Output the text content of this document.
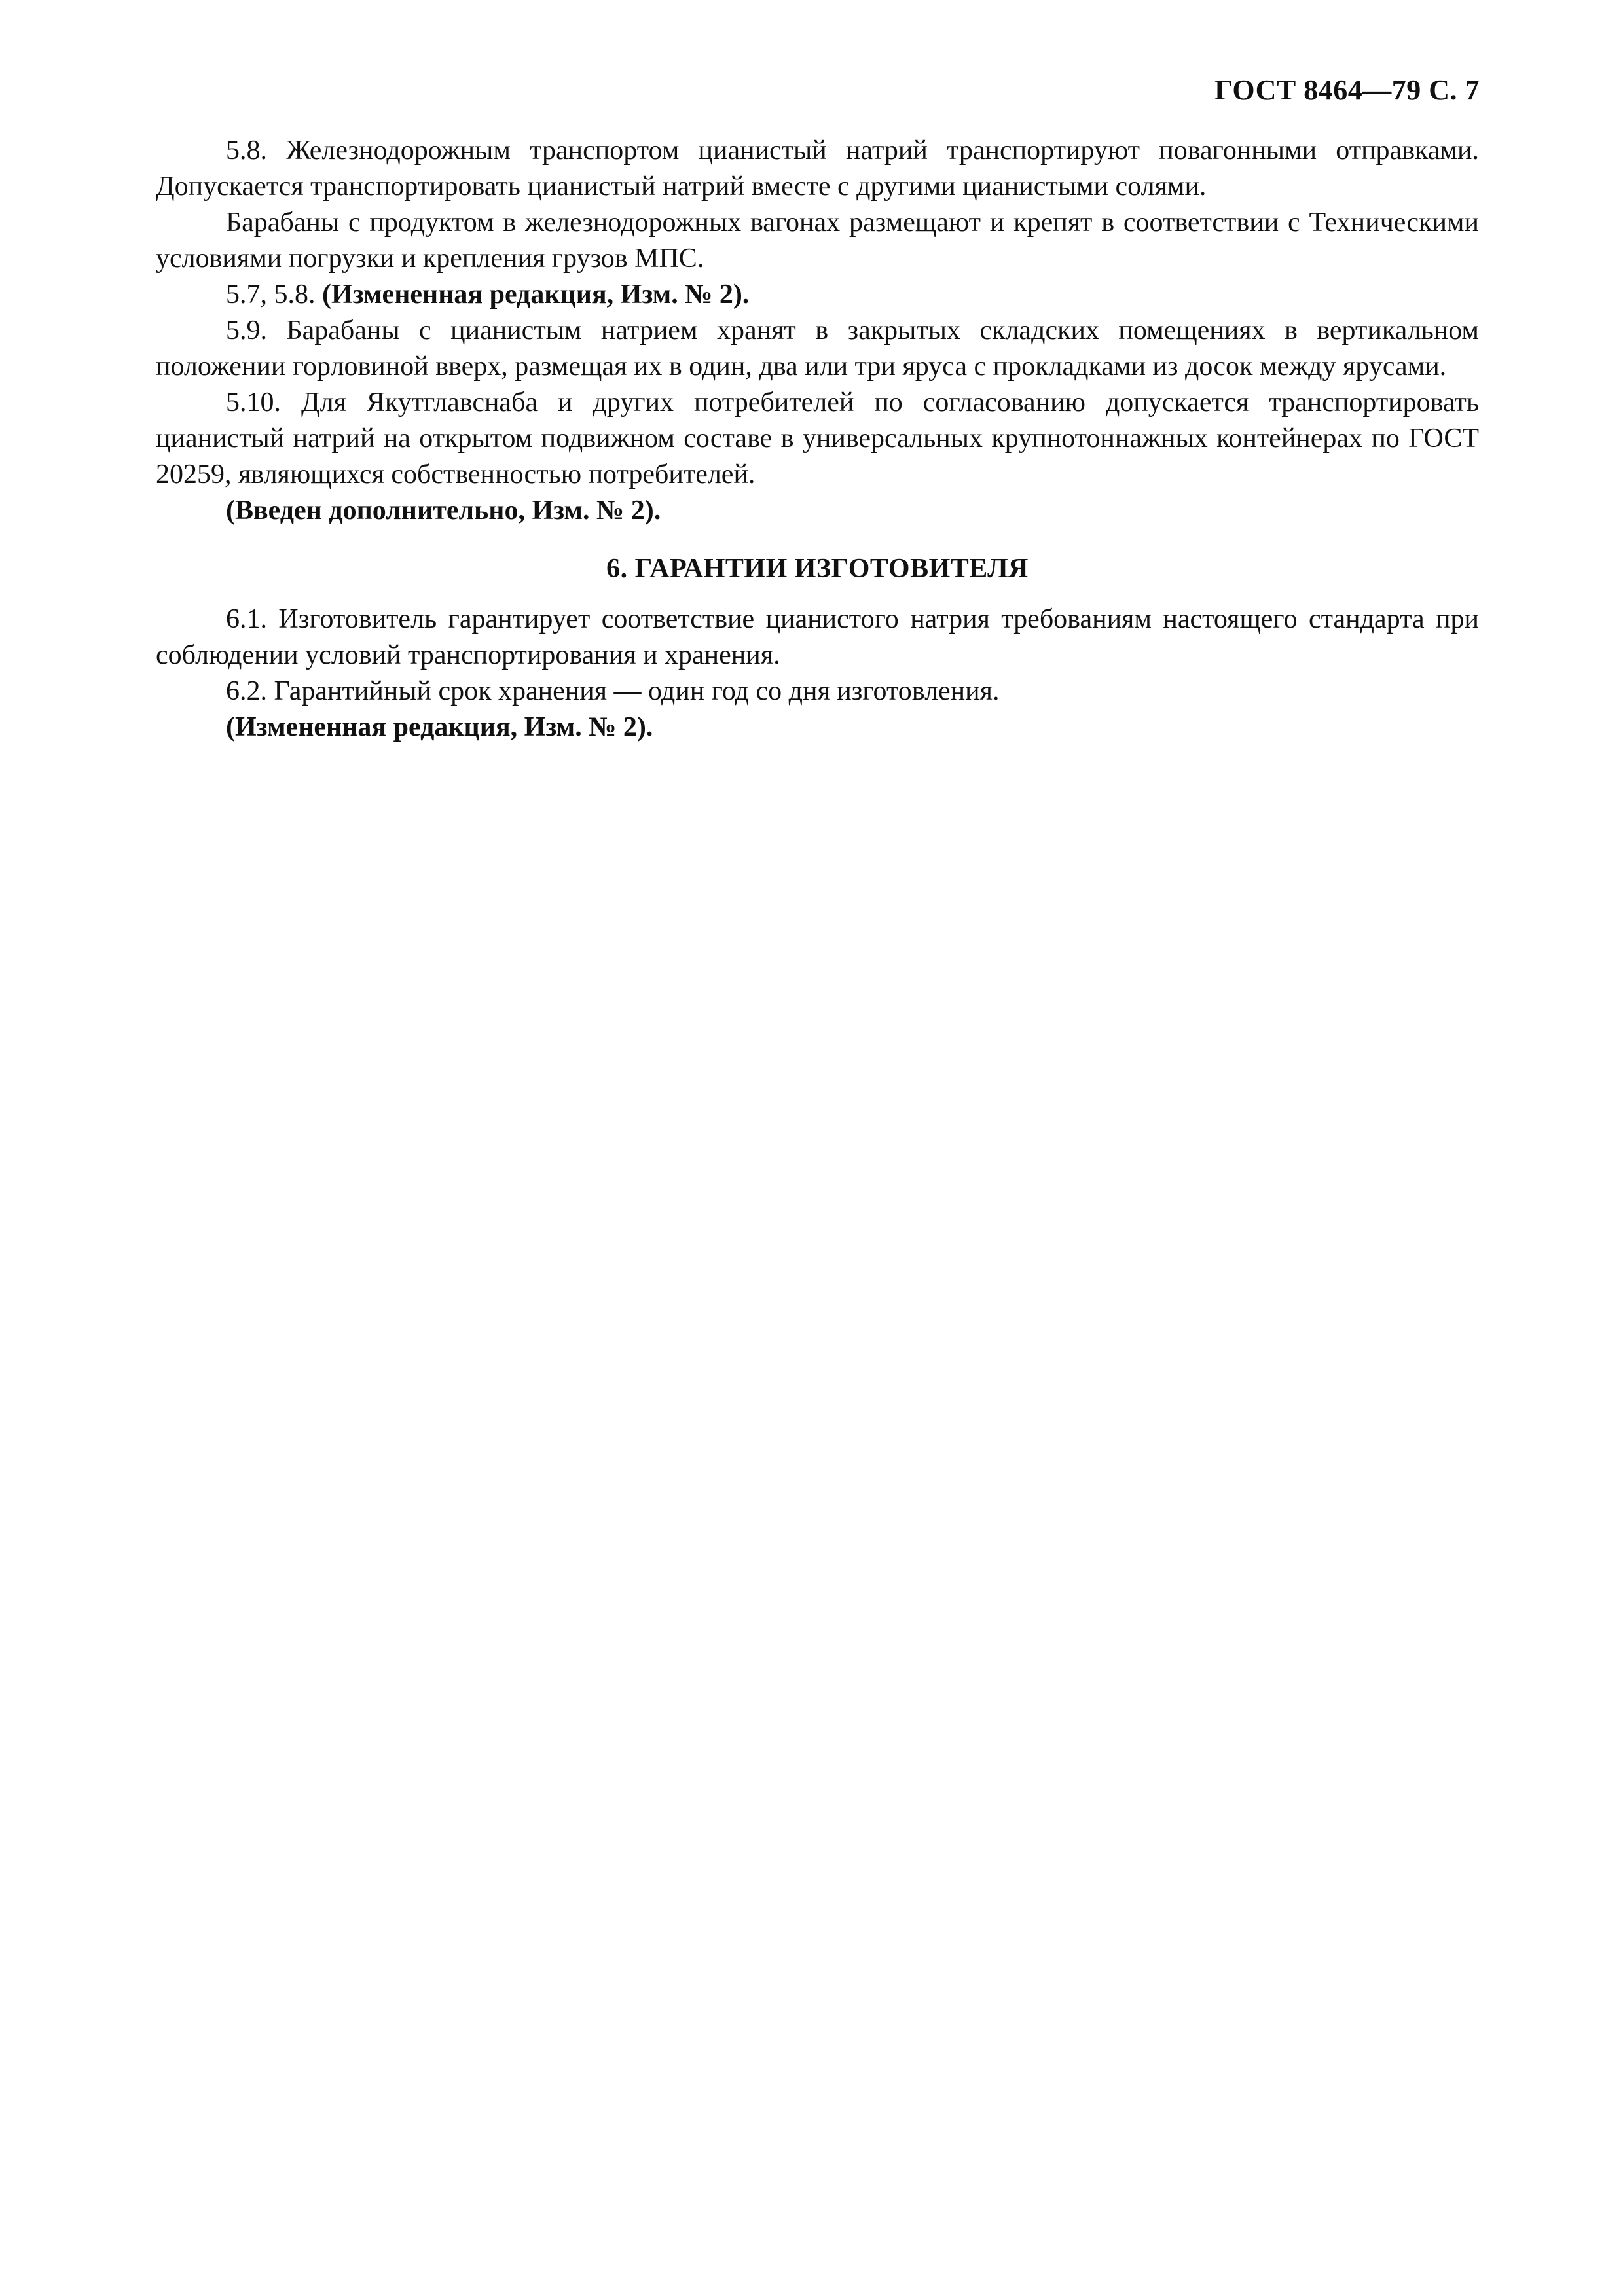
ГОСТ 8464—79 С. 7

5.8. Железнодорожным транспортом цианистый натрий транспортируют повагонными отправками. Допускается транспортировать цианистый натрий вместе с другими цианистыми солями.

Барабаны с продуктом в железнодорожных вагонах размещают и крепят в соответствии с Техническими условиями погрузки и крепления грузов МПС.

5.7, 5.8. (Измененная редакция, Изм. № 2).

5.9. Барабаны с цианистым натрием хранят в закрытых складских помещениях в вертикальном положении горловиной вверх, размещая их в один, два или три яруса с прокладками из досок между ярусами.

5.10. Для Якутглавснаба и других потребителей по согласованию допускается транспортировать цианистый натрий на открытом подвижном составе в универсальных крупнотоннажных контейнерах по ГОСТ 20259, являющихся собственностью потребителей.

(Введен дополнительно, Изм. № 2).

6. ГАРАНТИИ ИЗГОТОВИТЕЛЯ

6.1. Изготовитель гарантирует соответствие цианистого натрия требованиям настоящего стандарта при соблюдении условий транспортирования и хранения.

6.2. Гарантийный срок хранения — один год со дня изготовления.

(Измененная редакция, Изм. № 2).
